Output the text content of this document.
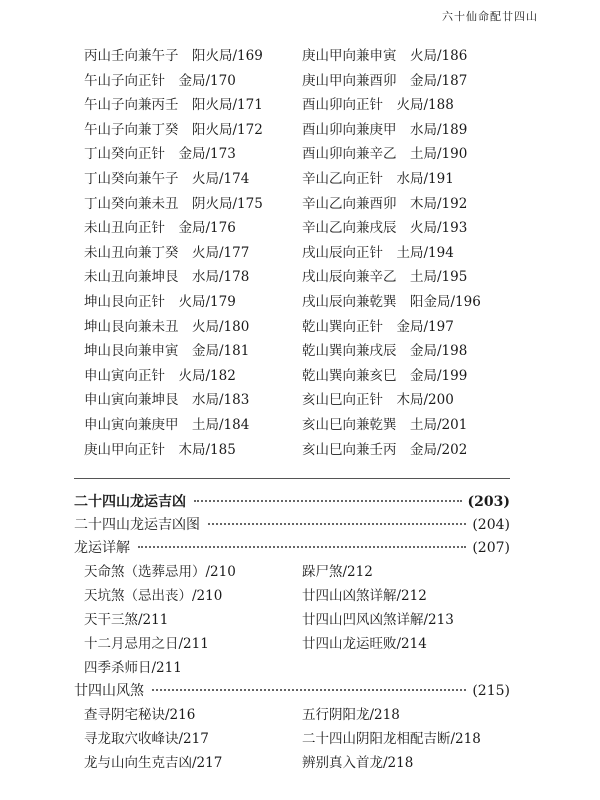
六十仙命配廿四山
丙山壬向兼午子　阳火局/169	庚山甲向兼申寅　火局/186
午山子向正针　金局/170	庚山甲向兼酉卯　金局/187
午山子向兼丙壬　阳火局/171	酉山卯向正针　火局/188
午山子向兼丁癸　阳火局/172	酉山卯向兼庚甲　水局/189
丁山癸向正针　金局/173	酉山卯向兼辛乙　土局/190
丁山癸向兼午子　火局/174	辛山乙向正针　水局/191
丁山癸向兼未丑　阴火局/175	辛山乙向兼酉卯　木局/192
未山丑向正针　金局/176	辛山乙向兼戌辰　火局/193
未山丑向兼丁癸　火局/177	戌山辰向正针　土局/194
未山丑向兼坤艮　水局/178	戌山辰向兼辛乙　土局/195
坤山艮向正针　火局/179	戌山辰向兼乾巽　阳金局/196
坤山艮向兼未丑　火局/180	乾山巽向正针　金局/197
坤山艮向兼申寅　金局/181	乾山巽向兼戌辰　金局/198
申山寅向正针　火局/182	乾山巽向兼亥巳　金局/199
申山寅向兼坤艮　水局/183	亥山巳向正针　木局/200
申山寅向兼庚甲　土局/184	亥山巳向兼乾巽　土局/201
庚山甲向正针　木局/185	亥山巳向兼壬丙　金局/202
二十四山龙运吉凶	(203)
二十四山龙运吉凶图	(204)
龙运详解	(207)
天命煞（选葬忌用）/210	跺尸煞/212
天坑煞（忌出丧）/210	廿四山凶煞详解/212
天干三煞/211	廿四山凹风凶煞详解/213
十二月忌用之日/211	廿四山龙运旺败/214
四季杀师日/211
廿四山风煞	(215)
查寻阴宅秘诀/216	五行阴阳龙/218
寻龙取穴收峰诀/217	二十四山阴阳龙相配吉断/218
龙与山向生克吉凶/217	辨别真入首龙/218
